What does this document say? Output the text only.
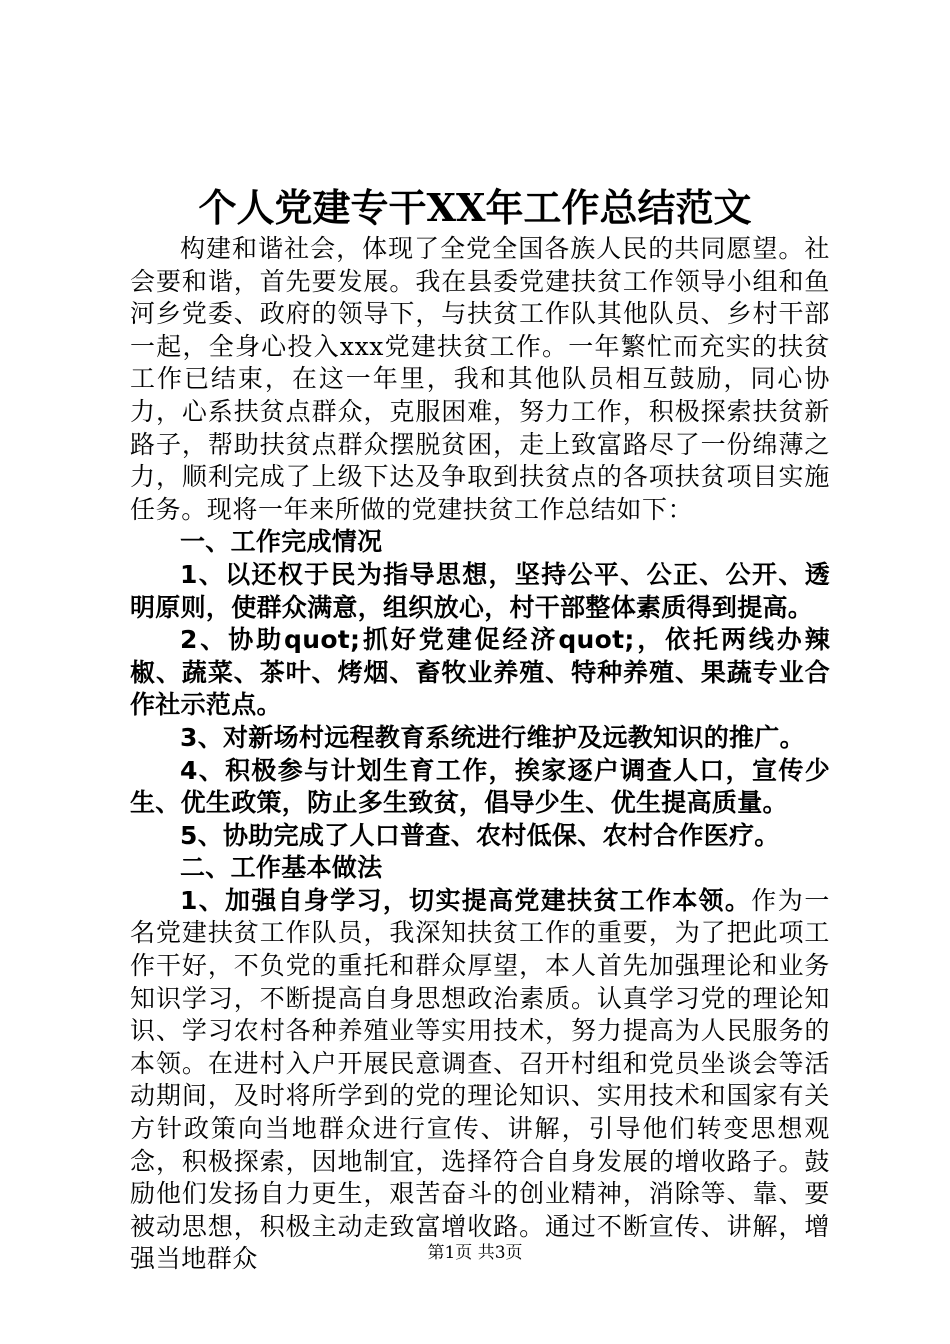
个人党建专干XX年工作总结范文

构建和谐社会，体现了全党全国各族人民的共同愿望。社会要和谐，首先要发展。我在县委党建扶贫工作领导小组和鱼河乡党委、政府的领导下，与扶贫工作队其他队员、乡村干部一起，全身心投入xxx党建扶贫工作。一年繁忙而充实的扶贫工作已结束，在这一年里，我和其他队员相互鼓励，同心协力，心系扶贫点群众，克服困难，努力工作，积极探索扶贫新路子，帮助扶贫点群众摆脱贫困，走上致富路尽了一份绵薄之力，顺利完成了上级下达及争取到扶贫点的各项扶贫项目实施任务。现将一年来所做的党建扶贫工作总结如下：

一、工作完成情况

1、以还权于民为指导思想，坚持公平、公正、公开、透明原则，使群众满意，组织放心，村干部整体素质得到提高。

2、协助quot;抓好党建促经济quot;，依托两线办辣椒、蔬菜、茶叶、烤烟、畜牧业养殖、特种养殖、果蔬专业合作社示范点。

3、对新场村远程教育系统进行维护及远教知识的推广。

4、积极参与计划生育工作，挨家逐户调查人口，宣传少生、优生政策，防止多生致贫，倡导少生、优生提高质量。

5、协助完成了人口普查、农村低保、农村合作医疗。

二、工作基本做法

1、加强自身学习，切实提高党建扶贫工作本领。作为一名党建扶贫工作队员，我深知扶贫工作的重要，为了把此项工作干好，不负党的重托和群众厚望，本人首先加强理论和业务知识学习，不断提高自身思想政治素质。认真学习党的理论知识、学习农村各种养殖业等实用技术，努力提高为人民服务的本领。在进村入户开展民意调查、召开村组和党员坐谈会等活动期间，及时将所学到的党的理论知识、实用技术和国家有关方针政策向当地群众进行宣传、讲解，引导他们转变思想观念，积极探索，因地制宜，选择符合自身发展的增收路子。鼓励他们发扬自力更生，艰苦奋斗的创业精神，消除等、靠、要被动思想，积极主动走致富增收路。通过不断宣传、讲解，增强当地群众	第1页 共3页
